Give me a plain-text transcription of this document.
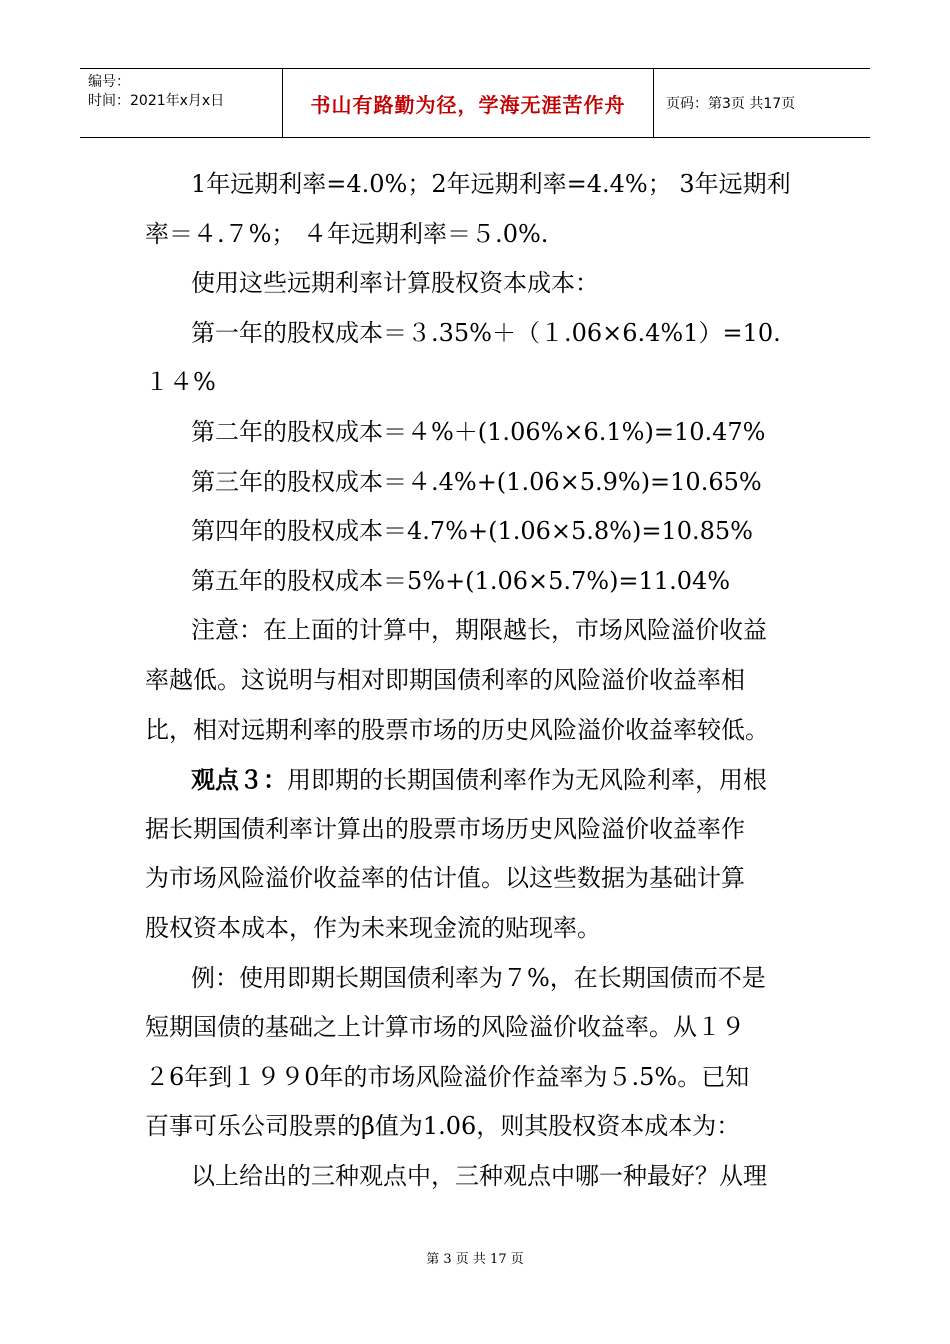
编号：
时间：2021年x月x日	书山有路勤为径，学海无涯苦作舟	页码：第3页 共17页
1年远期利率=4.0%；2年远期利率=4.4%； 3年远期利
率＝４.７%； ４年远期利率＝５.0%.
使用这些远期利率计算股权资本成本：
第一年的股权成本＝３.35%＋（１.06×6.4%1）=10.
１４%
第二年的股权成本＝４%＋(1.06%×6.1%)=10.47%
第三年的股权成本＝４.4%+(1.06×5.9%)=10.65%
第四年的股权成本＝4.7%+(1.06×5.8%)=10.85%
第五年的股权成本＝5%+(1.06×5.7%)=11.04%
注意：在上面的计算中，期限越长，市场风险溢价收益
率越低。这说明与相对即期国债利率的风险溢价收益率相
比，相对远期利率的股票市场的历史风险溢价收益率较低。
观点３：用即期的长期国债利率作为无风险利率，用根
据长期国债利率计算出的股票市场历史风险溢价收益率作
为市场风险溢价收益率的估计值。以这些数据为基础计算
股权资本成本，作为未来现金流的贴现率。
例：使用即期长期国债利率为７%，在长期国债而不是
短期国债的基础之上计算市场的风险溢价收益率。从１９
２6年到１９９0年的市场风险溢价作益率为５.5%。已知
百事可乐公司股票的β值为1.06，则其股权资本成本为：
以上给出的三种观点中，三种观点中哪一种最好？从理
第 3 页 共 17 页
